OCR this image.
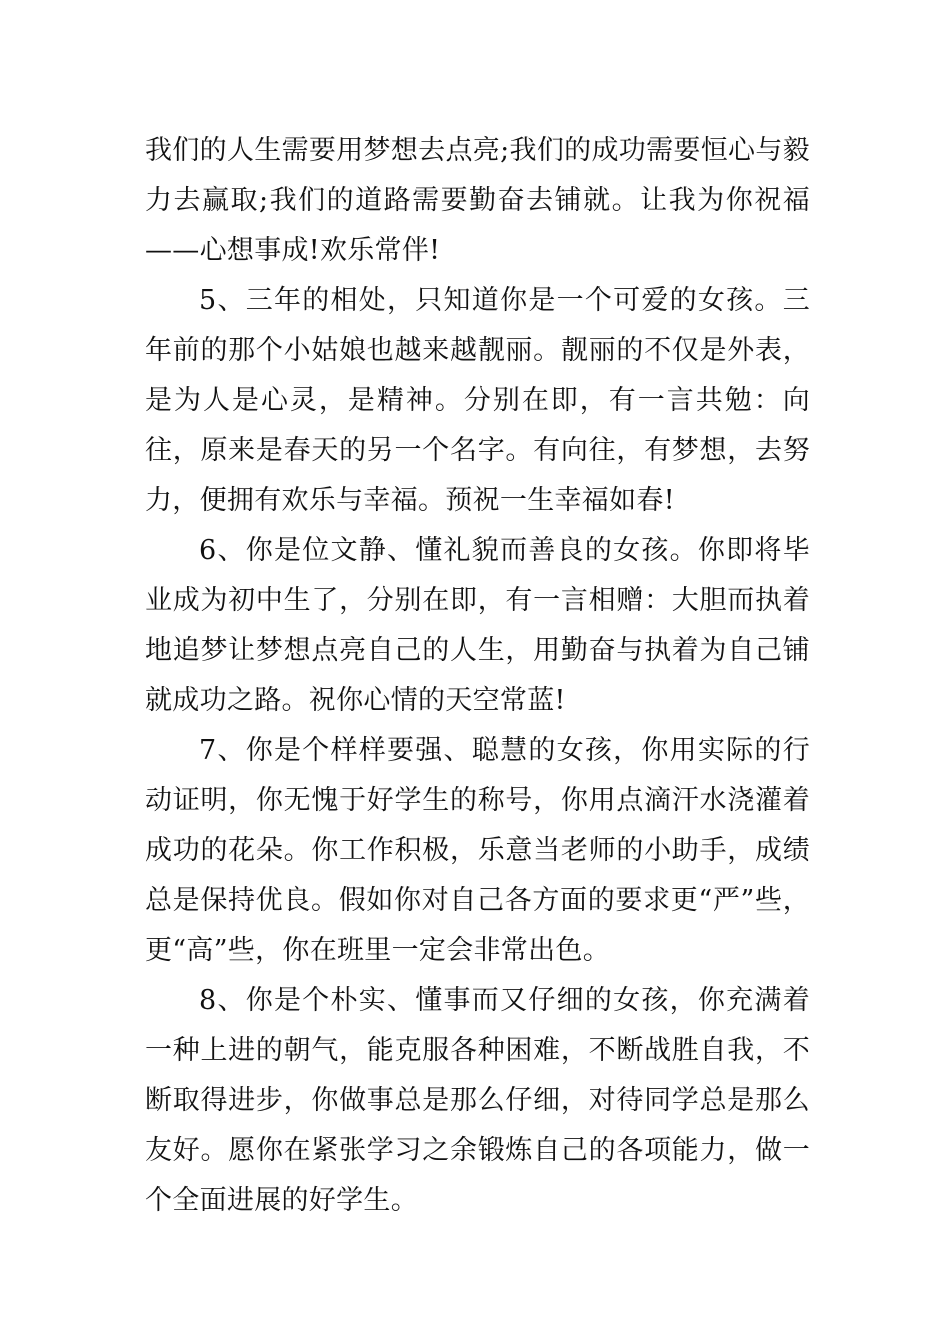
我们的人生需要用梦想去点亮;我们的成功需要恒心与毅力去赢取;我们的道路需要勤奋去铺就。让我为你祝福——心想事成!欢乐常伴!

5、三年的相处，只知道你是一个可爱的女孩。三年前的那个小姑娘也越来越靓丽。靓丽的不仅是外表，是为人是心灵，是精神。分别在即，有一言共勉：向往，原来是春天的另一个名字。有向往，有梦想，去努力，便拥有欢乐与幸福。预祝一生幸福如春!

6、你是位文静、懂礼貌而善良的女孩。你即将毕业成为初中生了，分别在即，有一言相赠：大胆而执着地追梦让梦想点亮自己的人生，用勤奋与执着为自己铺就成功之路。祝你心情的天空常蓝!

7、你是个样样要强、聪慧的女孩，你用实际的行动证明，你无愧于好学生的称号，你用点滴汗水浇灌着成功的花朵。你工作积极，乐意当老师的小助手，成绩总是保持优良。假如你对自己各方面的要求更“严”些，更“高”些，你在班里一定会非常出色。

8、你是个朴实、懂事而又仔细的女孩，你充满着一种上进的朝气，能克服各种困难，不断战胜自我，不断取得进步，你做事总是那么仔细，对待同学总是那么友好。愿你在紧张学习之余锻炼自己的各项能力，做一个全面进展的好学生。
